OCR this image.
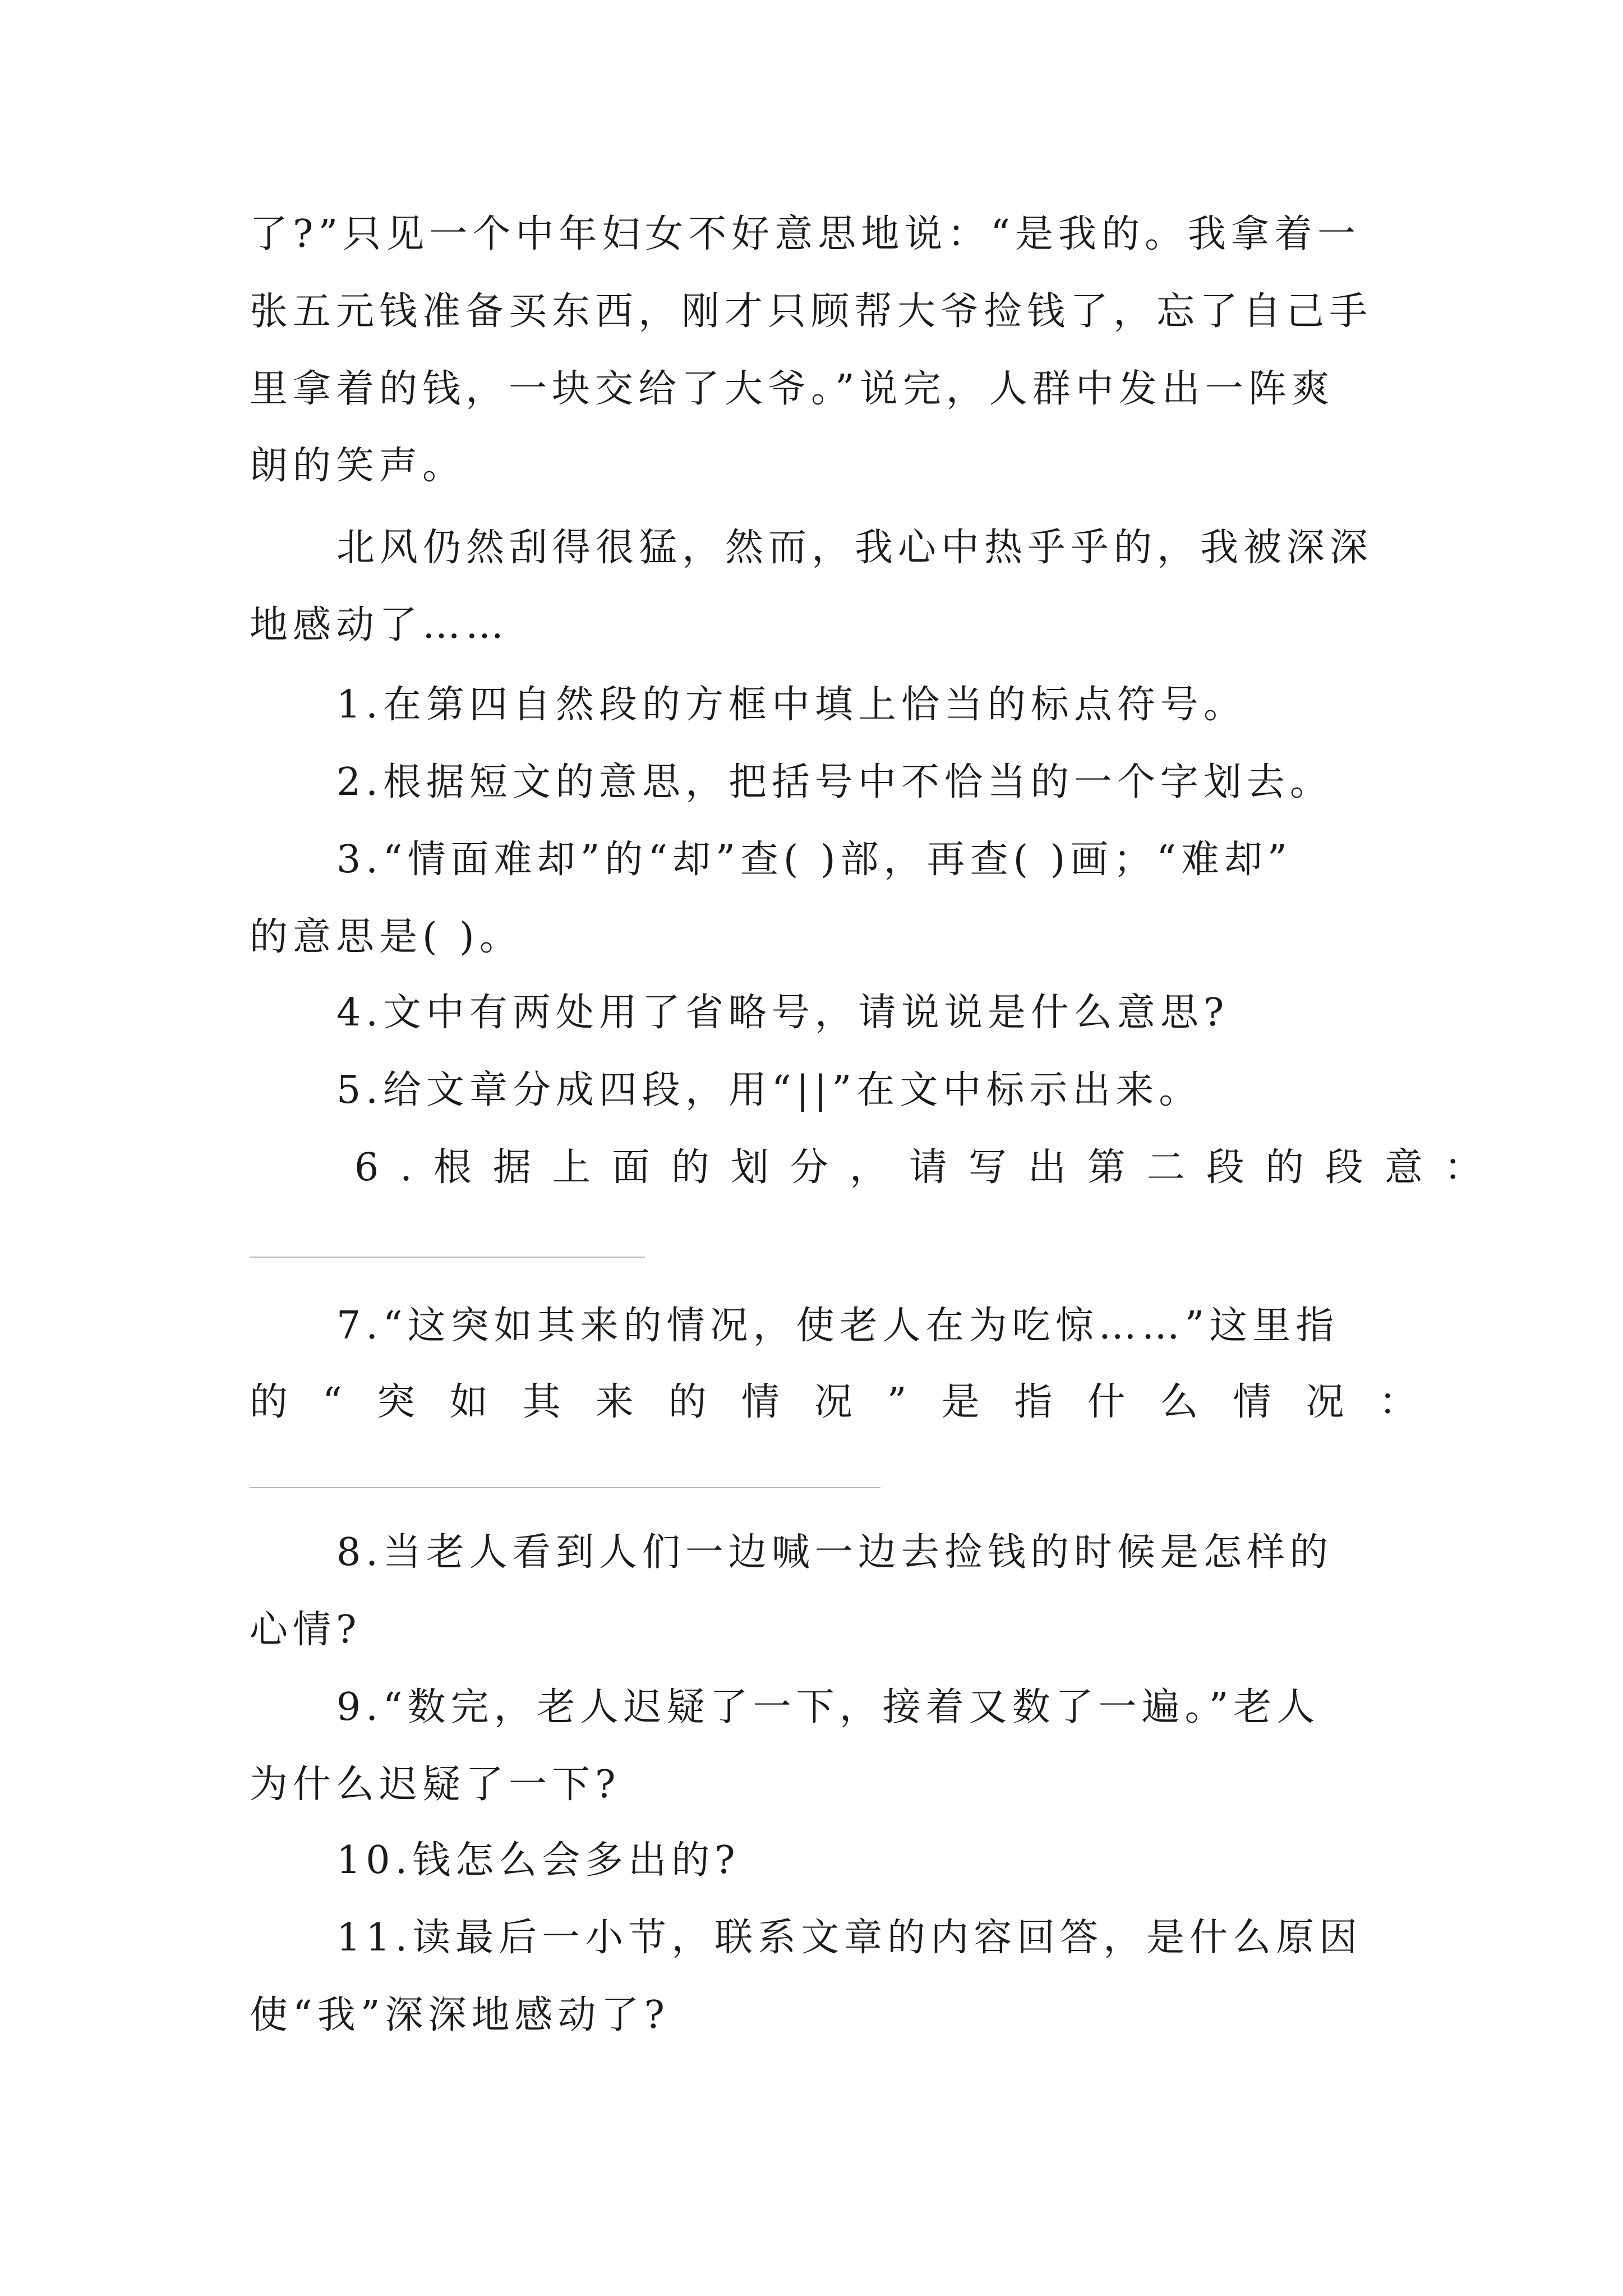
了?”只见一个中年妇女不好意思地说：“是我的。我拿着一
张五元钱准备买东西，刚才只顾帮大爷捡钱了，忘了自己手
里拿着的钱，一块交给了大爷。”说完，人群中发出一阵爽
朗的笑声。
北风仍然刮得很猛，然而，我心中热乎乎的，我被深深
地感动了……
1.在第四自然段的方框中填上恰当的标点符号。
2.根据短文的意思，把括号中不恰当的一个字划去。
3.“情面难却”的“却”查( )部，再查( )画；“难却”
的意思是( )。
4.文中有两处用了省略号，请说说是什么意思?
5.给文章分成四段，用“||”在文中标示出来。
6.根据上面的划分，请写出第二段的段意：
7.“这突如其来的情况，使老人在为吃惊……”这里指
的“突如其来的情况”是指什么情况：
8.当老人看到人们一边喊一边去捡钱的时候是怎样的
心情?
9.“数完，老人迟疑了一下，接着又数了一遍。”老人
为什么迟疑了一下?
10.钱怎么会多出的?
11.读最后一小节，联系文章的内容回答，是什么原因
使“我”深深地感动了?
